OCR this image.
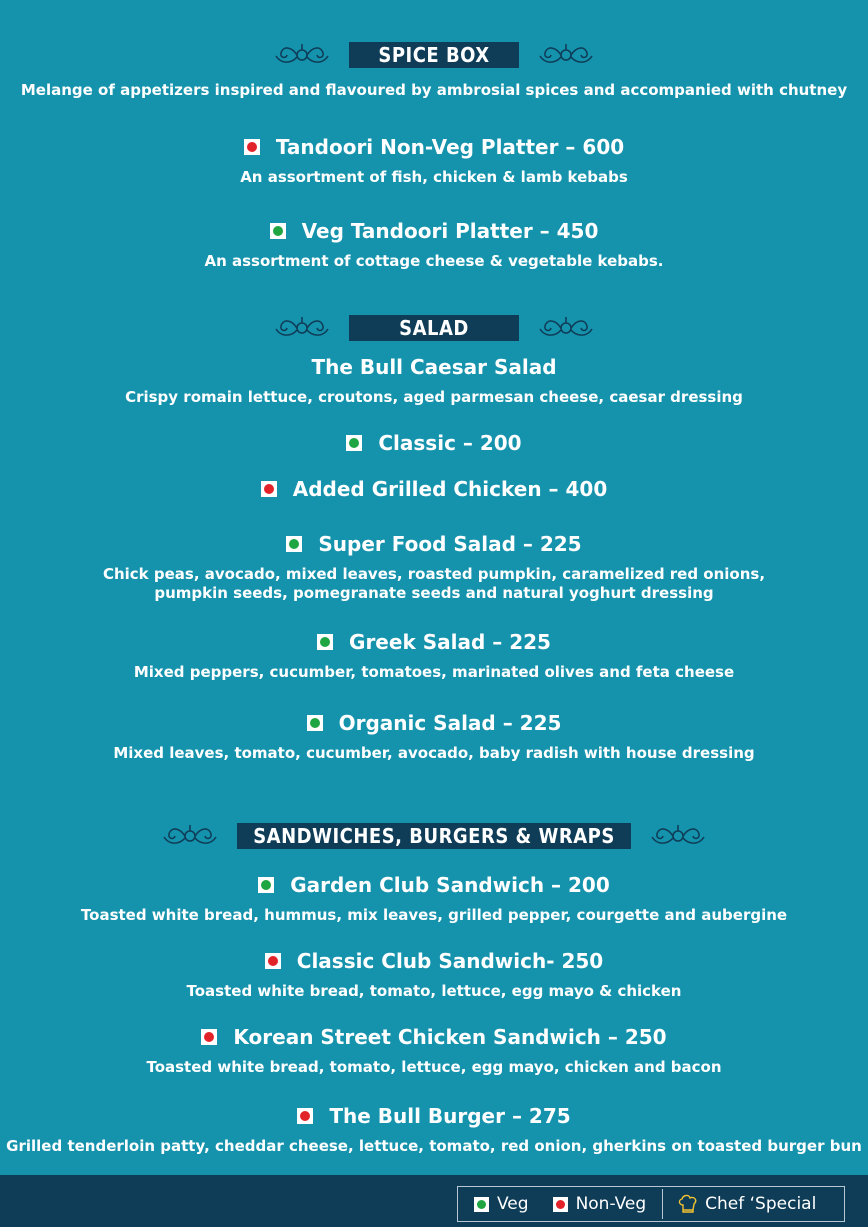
SPICE BOX
Melange of appetizers inspired and flavoured by ambrosial spices and accompanied with chutney
Tandoori Non-Veg Platter – 600
An assortment of fish, chicken & lamb kebabs
Veg Tandoori Platter – 450
An assortment of cottage cheese & vegetable kebabs.
SALAD
The Bull Caesar Salad
Crispy romain lettuce, croutons, aged parmesan cheese, caesar dressing
Classic – 200
Added Grilled Chicken – 400
Super Food Salad – 225
Chick peas, avocado, mixed leaves, roasted pumpkin, caramelized red onions,
pumpkin seeds, pomegranate seeds and natural yoghurt dressing
Greek Salad – 225
Mixed peppers, cucumber, tomatoes, marinated olives and feta cheese
Organic Salad – 225
Mixed leaves, tomato, cucumber, avocado, baby radish with house dressing
SANDWICHES, BURGERS & WRAPS
Garden Club Sandwich – 200
Toasted white bread, hummus, mix leaves, grilled pepper, courgette and aubergine
Classic Club Sandwich- 250
Toasted white bread, tomato, lettuce, egg mayo & chicken
Korean Street Chicken Sandwich – 250
Toasted white bread, tomato, lettuce, egg mayo, chicken and bacon
The Bull Burger – 275
Grilled tenderloin patty, cheddar cheese, lettuce, tomato, red onion, gherkins on toasted burger bun
Veg	Non-Veg	Chef ‘Special
